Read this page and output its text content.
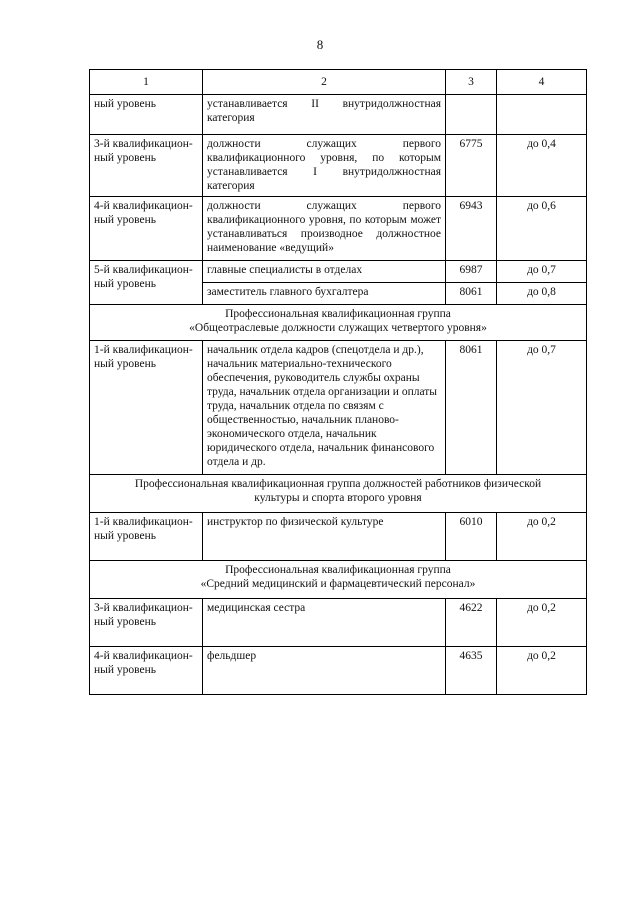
8
1	2	3	4
ный уровень	устанавливается II внутридолжностная категория		
3-й квалификацион-ный уровень	должности служащих первого квалификационного уровня, по которым устанавливается I внутридолжностная категория	6775	до 0,4
4-й квалификацион-ный уровень	должности служащих первого квалификационного уровня, по которым может устанавливаться производное должностное наименование «ведущий»	6943	до 0,6
5-й квалификацион-ный уровень	главные специалисты в отделах	6987	до 0,7
	заместитель главного бухгалтера	8061	до 0,8

Профессиональная квалификационная группа
«Общеотраслевые должности служащих четвертого уровня»			

1-й квалификацион-ный уровень	начальник отдела кадров (спецотдела и др.), начальник материально-технического обеспечения, руководитель службы охраны труда, начальник отдела организации и оплаты труда, начальник отдела по связям с общественностью, начальник планово-экономического отдела, начальник юридического отдела, начальник финансового отдела и др.	8061	до 0,7

Профессиональная квалификационная группа должностей работников физической
культуры и спорта второго уровня			

1-й квалификацион-ный уровень	инструктор по физической культуре	6010	до 0,2

Профессиональная квалификационная группа
«Средний медицинский и фармацевтический персонал»			

3-й квалификацион-ный уровень	медицинская сестра	4622	до 0,2
4-й квалификацион-ный уровень	фельдшер	4635	до 0,2
